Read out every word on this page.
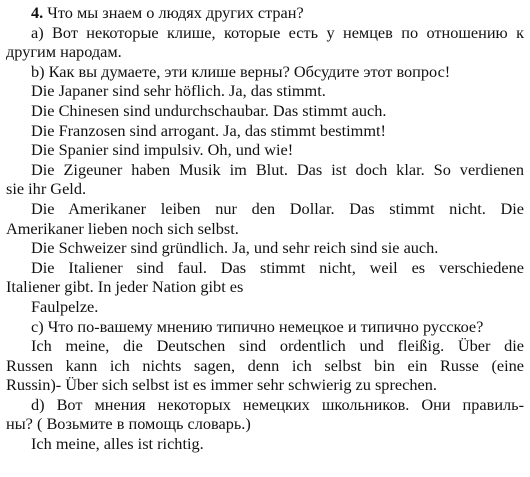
4. Что мы знаем о людях других стран?
а) Вот некоторые клише, которые есть у немцев по отношению к
другим народам.
b) Как вы думаете, эти клише верны? Обсудите этот вопрос!
Die Japaner sind sehr höflich. Ja, das stimmt.
Die Chinesen sind undurchschaubar. Das stimmt auch.
Die Franzosen sind arrogant. Ja, das stimmt bestimmt!
Die Spanier sind impulsiv. Oh, und wie!
Die Zigeuner haben Musik im Blut. Das ist doch klar. So verdienen
sie ihr Geld.
Die Amerikaner leiben nur den Dollar. Das stimmt nicht. Die
Amerikaner lieben noch sich selbst.
Die Schweizer sind gründlich. Ja, und sehr reich sind sie auch.
Die Italiener sind faul. Das stimmt nicht, weil es verschiedene
Italiener gibt. In jeder Nation gibt es
Faulpelze.
c) Что по-вашему мнению типично немецкое и типично русское?
Ich meine, die Deutschen sind ordentlich und fleißig. Über die
Russen kann ich nichts sagen, denn ich selbst bin ein Russe (eine
Russin)- Über sich selbst ist es immer sehr schwierig zu sprechen.
d) Вот мнения некоторых немецких школьников. Они правиль-
ны? ( Возьмите в помощь словарь.)
Ich meine, alles ist richtig.
